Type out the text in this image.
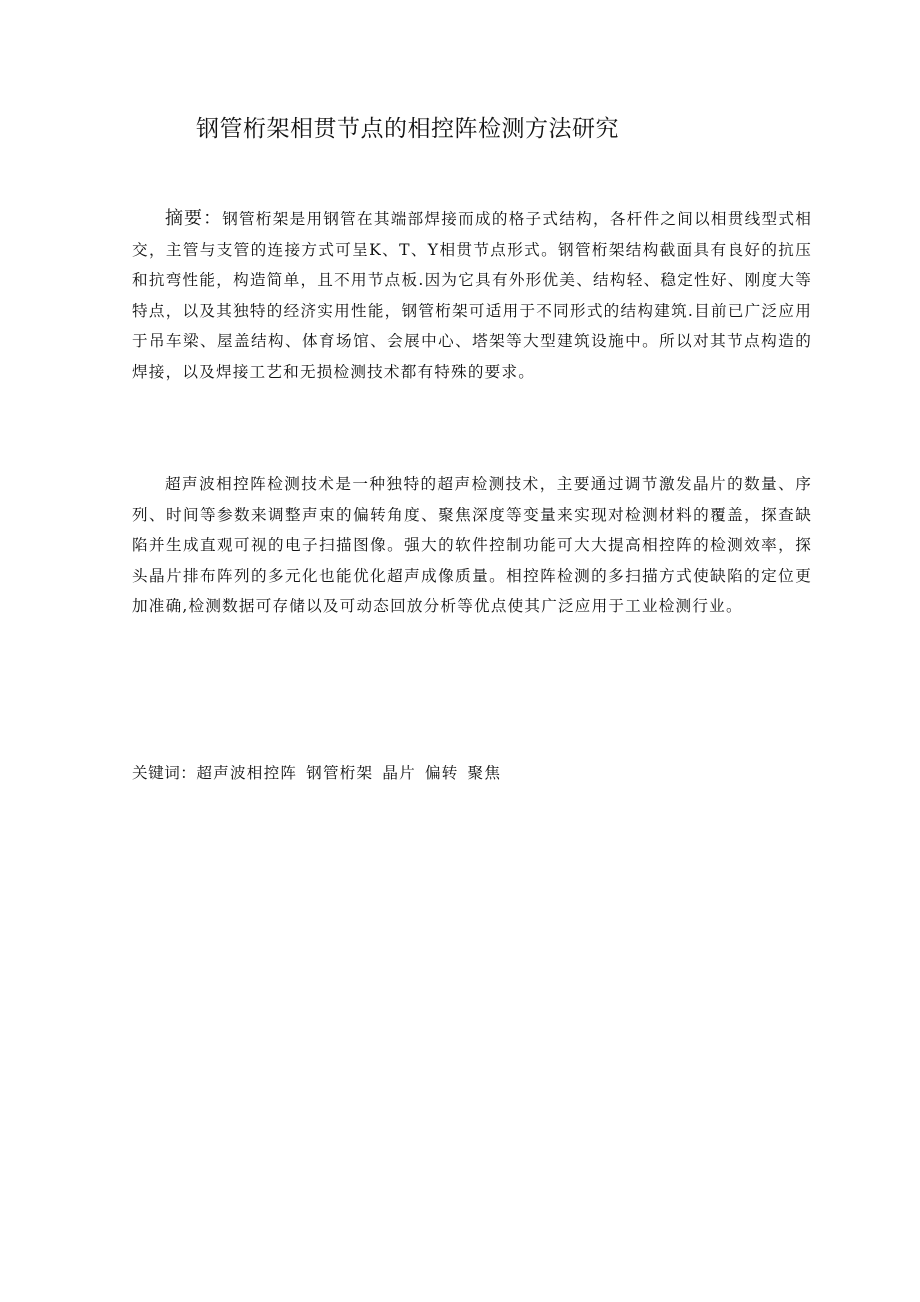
钢管桁架相贯节点的相控阵检测方法研究

摘要：钢管桁架是用钢管在其端部焊接而成的格子式结构，各杆件之间以相贯线型式相交，主管与支管的连接方式可呈K、T、Y相贯节点形式。钢管桁架结构截面具有良好的抗压和抗弯性能，构造简单，且不用节点板.因为它具有外形优美、结构轻、稳定性好、刚度大等特点，以及其独特的经济实用性能，钢管桁架可适用于不同形式的结构建筑.目前已广泛应用于吊车梁、屋盖结构、体育场馆、会展中心、塔架等大型建筑设施中。所以对其节点构造的焊接，以及焊接工艺和无损检测技术都有特殊的要求。

超声波相控阵检测技术是一种独特的超声检测技术，主要通过调节激发晶片的数量、序列、时间等参数来调整声束的偏转角度、聚焦深度等变量来实现对检测材料的覆盖，探查缺陷并生成直观可视的电子扫描图像。强大的软件控制功能可大大提高相控阵的检测效率，探头晶片排布阵列的多元化也能优化超声成像质量。相控阵检测的多扫描方式使缺陷的定位更加准确,检测数据可存储以及可动态回放分析等优点使其广泛应用于工业检测行业。

关键词：超声波相控阵 钢管桁架 晶片 偏转 聚焦
